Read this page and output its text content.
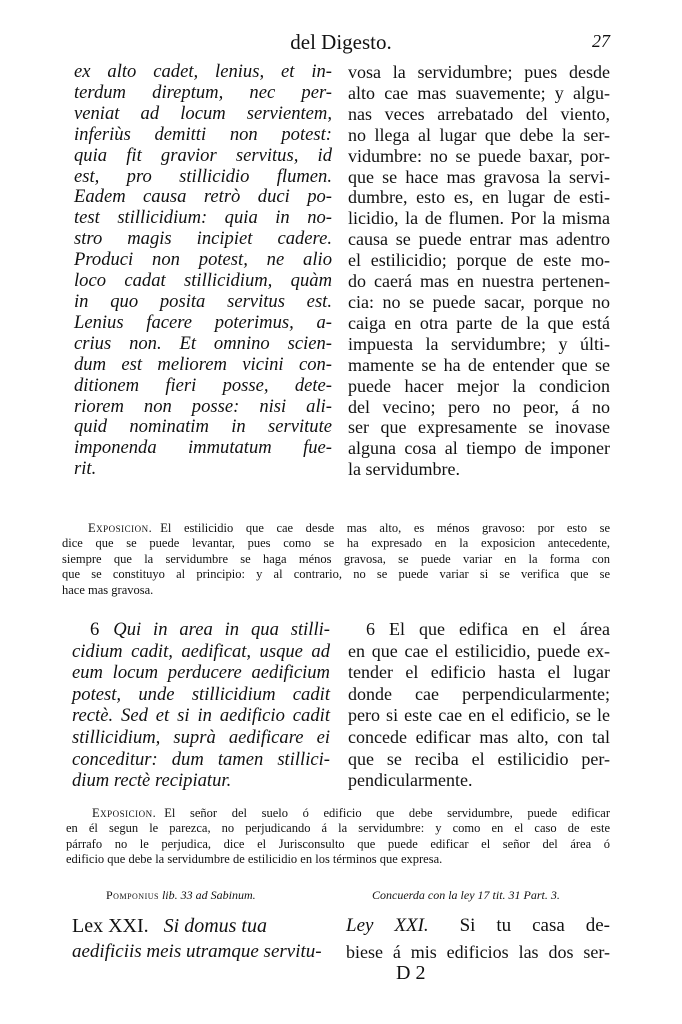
del Digesto.	27
ex alto cadet, lenius, et in-
terdum direptum, nec per-
veniat ad locum servientem,
inferiùs demitti non potest:
quia fit gravior servitus, id
est, pro stillicidio flumen.
Eadem causa retrò duci po-
test stillicidium: quia in no-
stro magis incipiet cadere.
Produci non potest, ne alio
loco cadat stillicidium, quàm
in quo posita servitus est.
Lenius facere poterimus, a-
crius non. Et omnino scien-
dum est meliorem vicini con-
ditionem fieri posse, dete-
riorem non posse: nisi ali-
quid nominatim in servitute
imponenda immutatum fue-
rit.
vosa la servidumbre; pues desde
alto cae mas suavemente; y algu-
nas veces arrebatado del viento,
no llega al lugar que debe la ser-
vidumbre: no se puede baxar, por-
que se hace mas gravosa la servi-
dumbre, esto es, en lugar de esti-
licidio, la de flumen. Por la misma
causa se puede entrar mas adentro
el estilicidio; porque de este mo-
do caerá mas en nuestra pertenen-
cia: no se puede sacar, porque no
caiga en otra parte de la que está
impuesta la servidumbre; y últi-
mamente se ha de entender que se
puede hacer mejor la condicion
del vecino; pero no peor, á no
ser que expresamente se inovase
alguna cosa al tiempo de imponer
la servidumbre.
Exposicion. El estilicidio que cae desde mas alto, es ménos gravoso: por esto se
dice que se puede levantar, pues como se ha expresado en la exposicion antecedente,
siempre que la servidumbre se haga ménos gravosa, se puede variar en la forma con
que se constituyo al principio: y al contrario, no se puede variar si se verifica que se
hace mas gravosa.
6 Qui in area in qua stilli-
cidium cadit, aedificat, usque ad
eum locum perducere aedificium
potest, unde stillicidium cadit
rectè. Sed et si in aedificio cadit
stillicidium, suprà aedificare ei
conceditur: dum tamen stillici-
dium rectè recipiatur.
6 El que edifica en el área
en que cae el estilicidio, puede ex-
tender el edificio hasta el lugar
donde cae perpendicularmente;
pero si este cae en el edificio, se le
concede edificar mas alto, con tal
que se reciba el estilicidio per-
pendicularmente.
Exposicion. El señor del suelo ó edificio que debe servidumbre, puede edificar
en él segun le parezca, no perjudicando á la servidumbre: y como en el caso de este
párrafo no le perjudica, dice el Jurisconsulto que puede edificar el señor del área ó
edificio que debe la servidumbre de estilicidio en los términos que expresa.
Pomponius lib. 33 ad Sabinum.	Concuerda con la ley 17 tit. 31 Part. 3.
Lex XXI. Si domus tua
aedificiis meis utramque servitu-
Ley XXI. Si tu casa de-
biese á mis edificios las dos ser-
D 2
